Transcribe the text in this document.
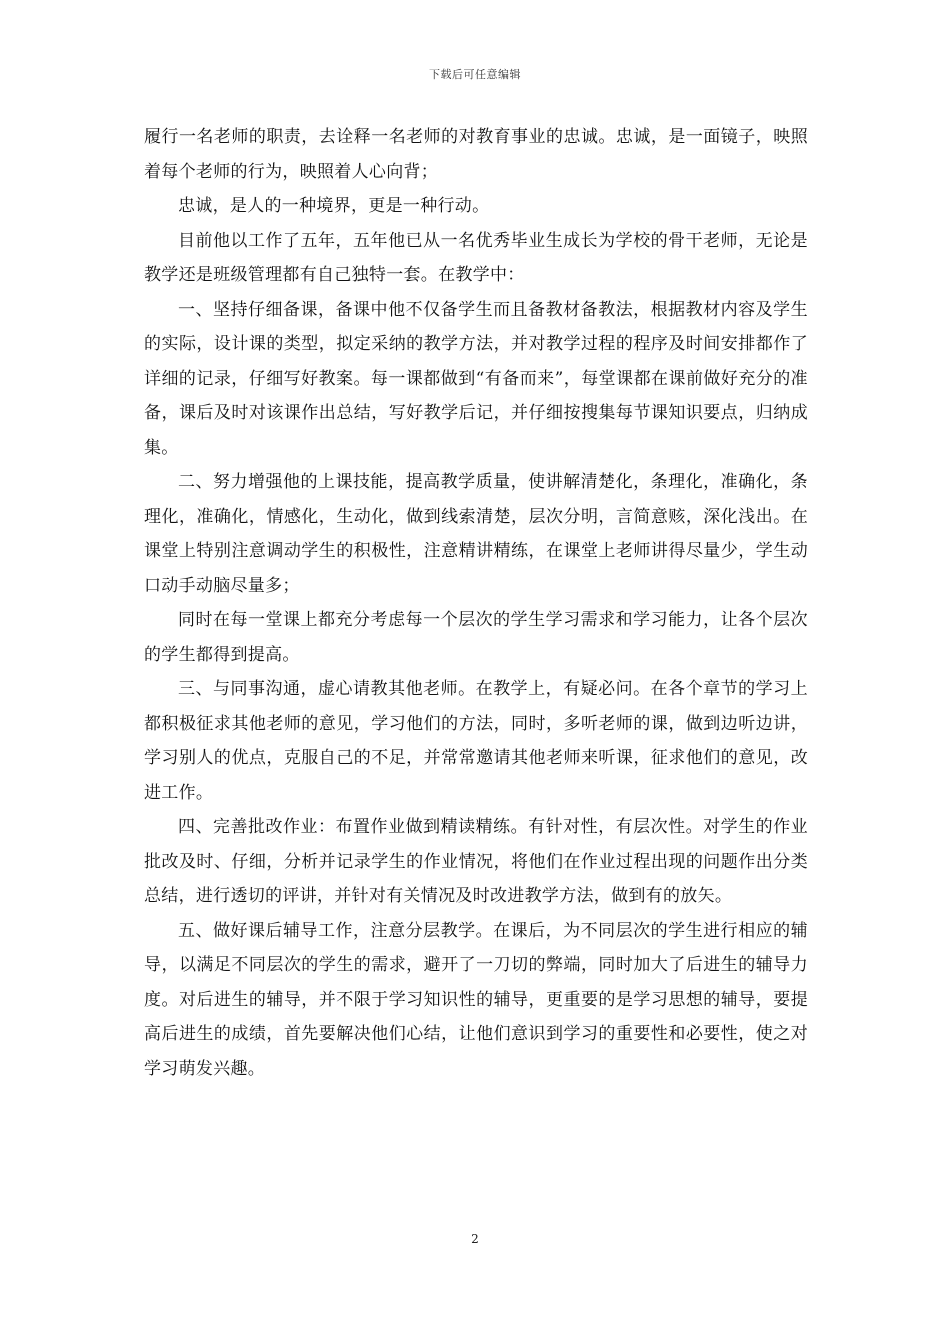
下载后可任意编辑

履行一名老师的职责，去诠释一名老师的对教育事业的忠诚。忠诚，是一面镜子，映照着每个老师的行为，映照着人心向背；

忠诚，是人的一种境界，更是一种行动。

目前他以工作了五年，五年他已从一名优秀毕业生成长为学校的骨干老师，无论是教学还是班级管理都有自己独特一套。在教学中：

一、坚持仔细备课，备课中他不仅备学生而且备教材备教法，根据教材内容及学生的实际，设计课的类型，拟定采纳的教学方法，并对教学过程的程序及时间安排都作了详细的记录，仔细写好教案。每一课都做到“有备而来”，每堂课都在课前做好充分的准备，课后及时对该课作出总结，写好教学后记，并仔细按搜集每节课知识要点，归纳成集。

二、努力增强他的上课技能，提高教学质量，使讲解清楚化，条理化，准确化，条理化，准确化，情感化，生动化，做到线索清楚，层次分明，言简意赅，深化浅出。在课堂上特别注意调动学生的积极性，注意精讲精练，在课堂上老师讲得尽量少，学生动口动手动脑尽量多；

同时在每一堂课上都充分考虑每一个层次的学生学习需求和学习能力，让各个层次的学生都得到提高。

三、与同事沟通，虚心请教其他老师。在教学上，有疑必问。在各个章节的学习上都积极征求其他老师的意见，学习他们的方法，同时，多听老师的课，做到边听边讲，学习别人的优点，克服自己的不足，并常常邀请其他老师来听课，征求他们的意见，改进工作。

四、完善批改作业：布置作业做到精读精练。有针对性，有层次性。对学生的作业批改及时、仔细，分析并记录学生的作业情况，将他们在作业过程出现的问题作出分类总结，进行透切的评讲，并针对有关情况及时改进教学方法，做到有的放矢。

五、做好课后辅导工作，注意分层教学。在课后，为不同层次的学生进行相应的辅导，以满足不同层次的学生的需求，避开了一刀切的弊端，同时加大了后进生的辅导力度。对后进生的辅导，并不限于学习知识性的辅导，更重要的是学习思想的辅导，要提高后进生的成绩，首先要解决他们心结，让他们意识到学习的重要性和必要性，使之对学习萌发兴趣。

2
